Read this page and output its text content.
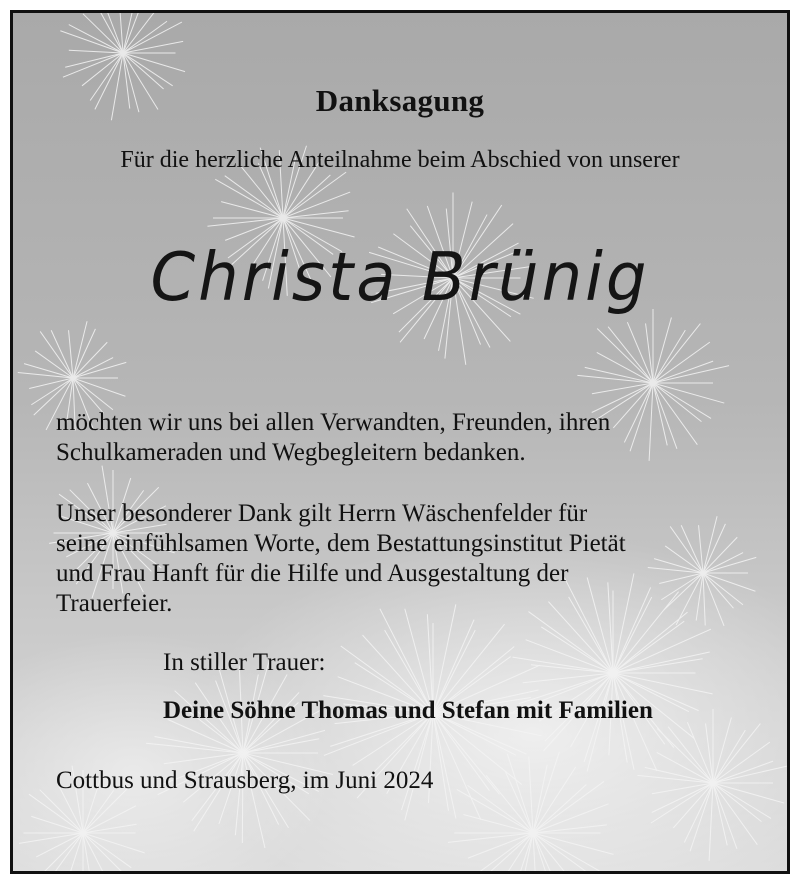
Danksagung
Für die herzliche Anteilnahme beim Abschied von unserer
Christa Brünig
möchten wir uns bei allen Verwandten, Freunden, ihren
Schulkameraden und Wegbegleitern bedanken.
Unser besonderer Dank gilt Herrn Wäschenfelder für
seine einfühlsamen Worte, dem Bestattungsinstitut Pietät
und Frau Hanft für die Hilfe und Ausgestaltung der
Trauerfeier.
In stiller Trauer:
Deine Söhne Thomas und Stefan mit Familien
Cottbus und Strausberg, im Juni 2024
